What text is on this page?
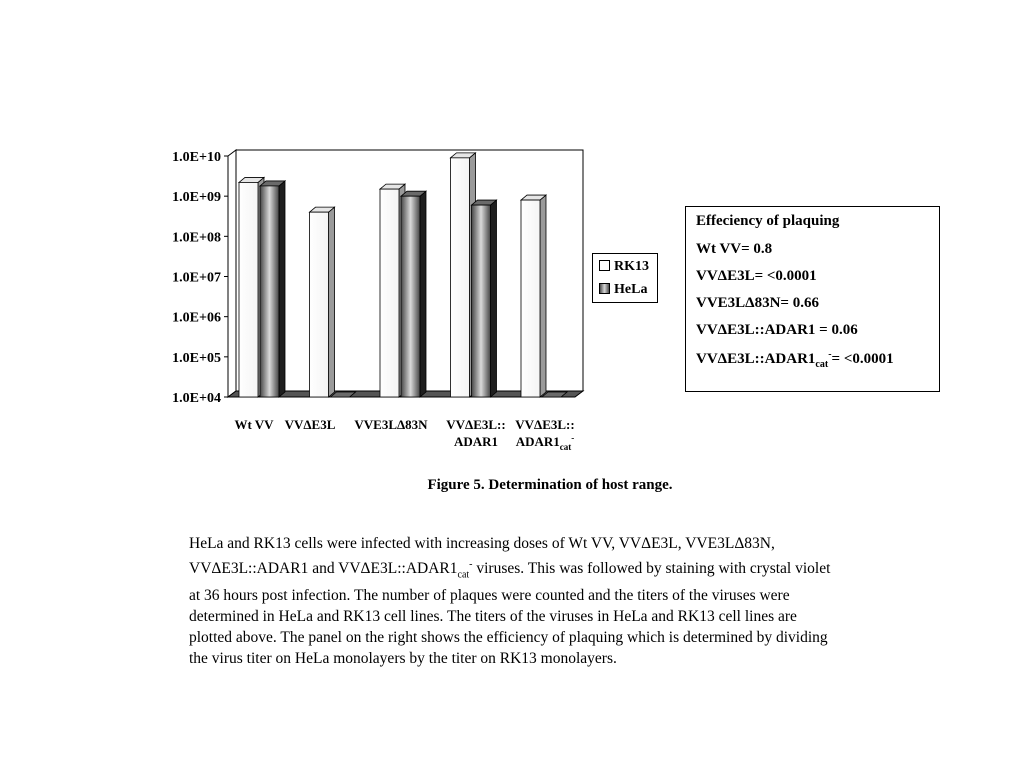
1.0E+10
1.0E+09
1.0E+08
1.0E+07
1.0E+06
1.0E+05
1.0E+04
Wt VV VVΔE3L VVE3LΔ83N VVΔE3L::
ADAR1
VVΔE3L::
$ADAR1_{cat}^-$
RK13
HeLa

Effeciency of plaquing

Wt VV= 0.8

VVΔE3L= <0.0001

VVE3LΔ83N= 0.66

VVΔE3L::ADAR1 = 0.06

$VV\Delta E3L::ADAR1_{cat}^-= <0.0001$

Figure 5. Determination of host range.
HeLa and RK13 cells were infected with increasing doses of Wt VV, VVΔE3L, VVE3LΔ83N,
VVΔE3L::ADAR1 and $VV\Delta E3L::ADAR1_{cat}^-$ viruses. This was followed by staining with crystal violet
at 36 hours post infection. The number of plaques were counted and the titers of the viruses were
determined in HeLa and RK13 cell lines. The titers of the viruses in HeLa and RK13 cell lines are
plotted above. The panel on the right shows the efficiency of plaquing which is determined by dividing
the virus titer on HeLa monolayers by the titer on RK13 monolayers.
